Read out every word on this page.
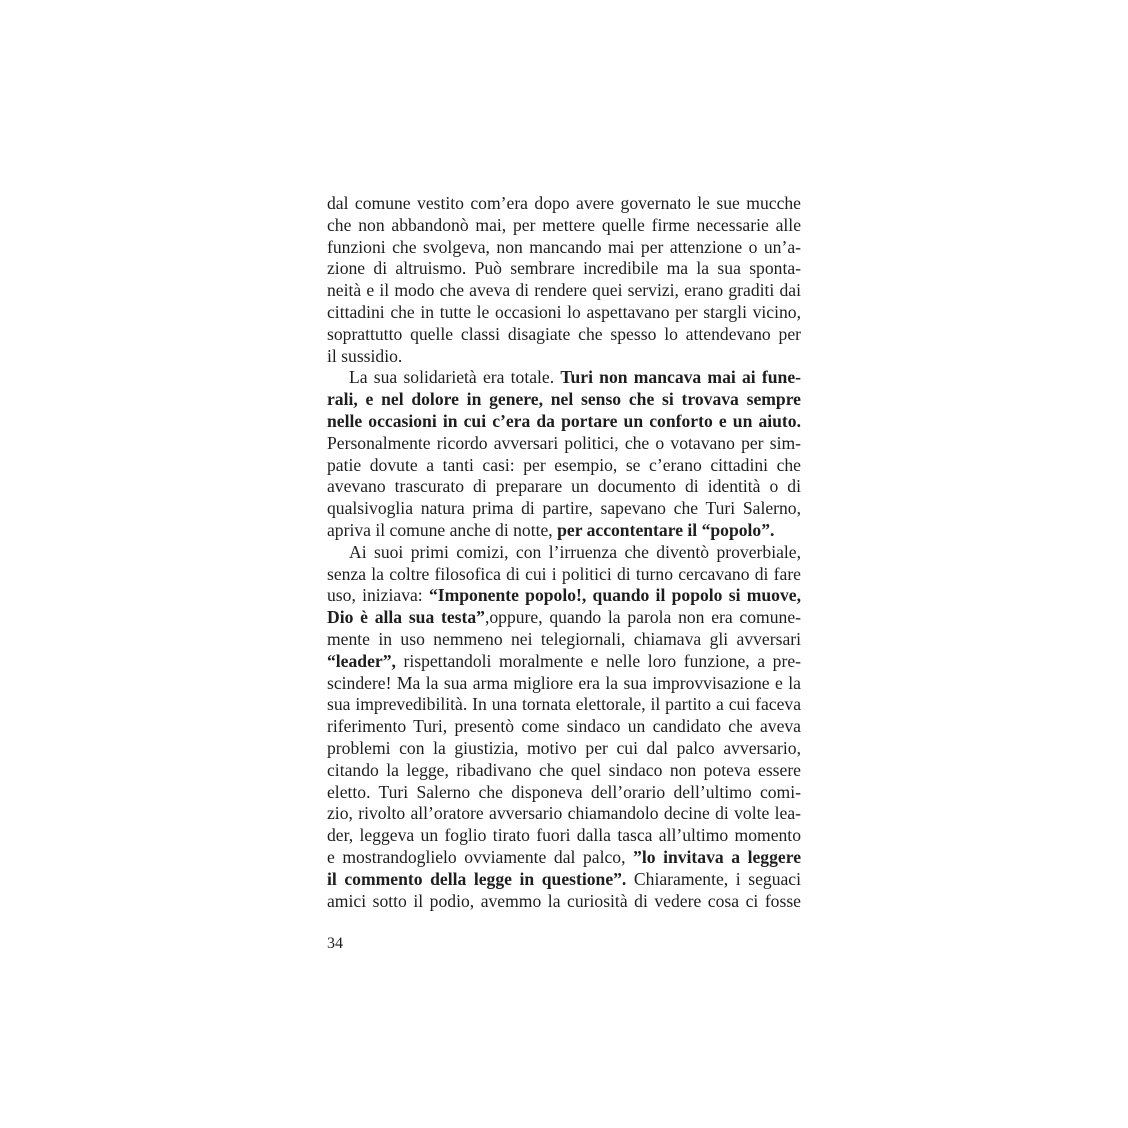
dal comune vestito com’era dopo avere governato le sue mucche
che non abbandonò mai, per mettere quelle firme necessarie alle
funzioni che svolgeva, non mancando mai per attenzione o un’a-
zione di altruismo. Può sembrare incredibile ma la sua sponta-
neità e il modo che aveva di rendere quei servizi, erano graditi dai
cittadini che in tutte le occasioni lo aspettavano per stargli vicino,
soprattutto quelle classi disagiate che spesso lo attendevano per
il sussidio.
La sua solidarietà era totale. Turi non mancava mai ai fune-
rali, e nel dolore in genere, nel senso che si trovava sempre
nelle occasioni in cui c’era da portare un conforto e un aiuto.
Personalmente ricordo avversari politici, che o votavano per sim-
patie dovute a tanti casi: per esempio, se c’erano cittadini che
avevano trascurato di preparare un documento di identità o di
qualsivoglia natura prima di partire, sapevano che Turi Salerno,
apriva il comune anche di notte, per accontentare il “popolo”.
Ai suoi primi comizi, con l’irruenza che diventò proverbiale,
senza la coltre filosofica di cui i politici di turno cercavano di fare
uso, iniziava: “Imponente popolo!, quando il popolo si muove,
Dio è alla sua testa”,oppure, quando la parola non era comune-
mente in uso nemmeno nei telegiornali, chiamava gli avversari
“leader”, rispettandoli moralmente e nelle loro funzione, a pre-
scindere! Ma la sua arma migliore era la sua improvvisazione e la
sua imprevedibilità. In una tornata elettorale, il partito a cui faceva
riferimento Turi, presentò come sindaco un candidato che aveva
problemi con la giustizia, motivo per cui dal palco avversario,
citando la legge, ribadivano che quel sindaco non poteva essere
eletto. Turi Salerno che disponeva dell’orario dell’ultimo comi-
zio, rivolto all’oratore avversario chiamandolo decine di volte lea-
der, leggeva un foglio tirato fuori dalla tasca all’ultimo momento
e mostrandoglielo ovviamente dal palco, ”lo invitava a leggere
il commento della legge in questione”. Chiaramente, i seguaci
amici sotto il podio, avemmo la curiosità di vedere cosa ci fosse
34
